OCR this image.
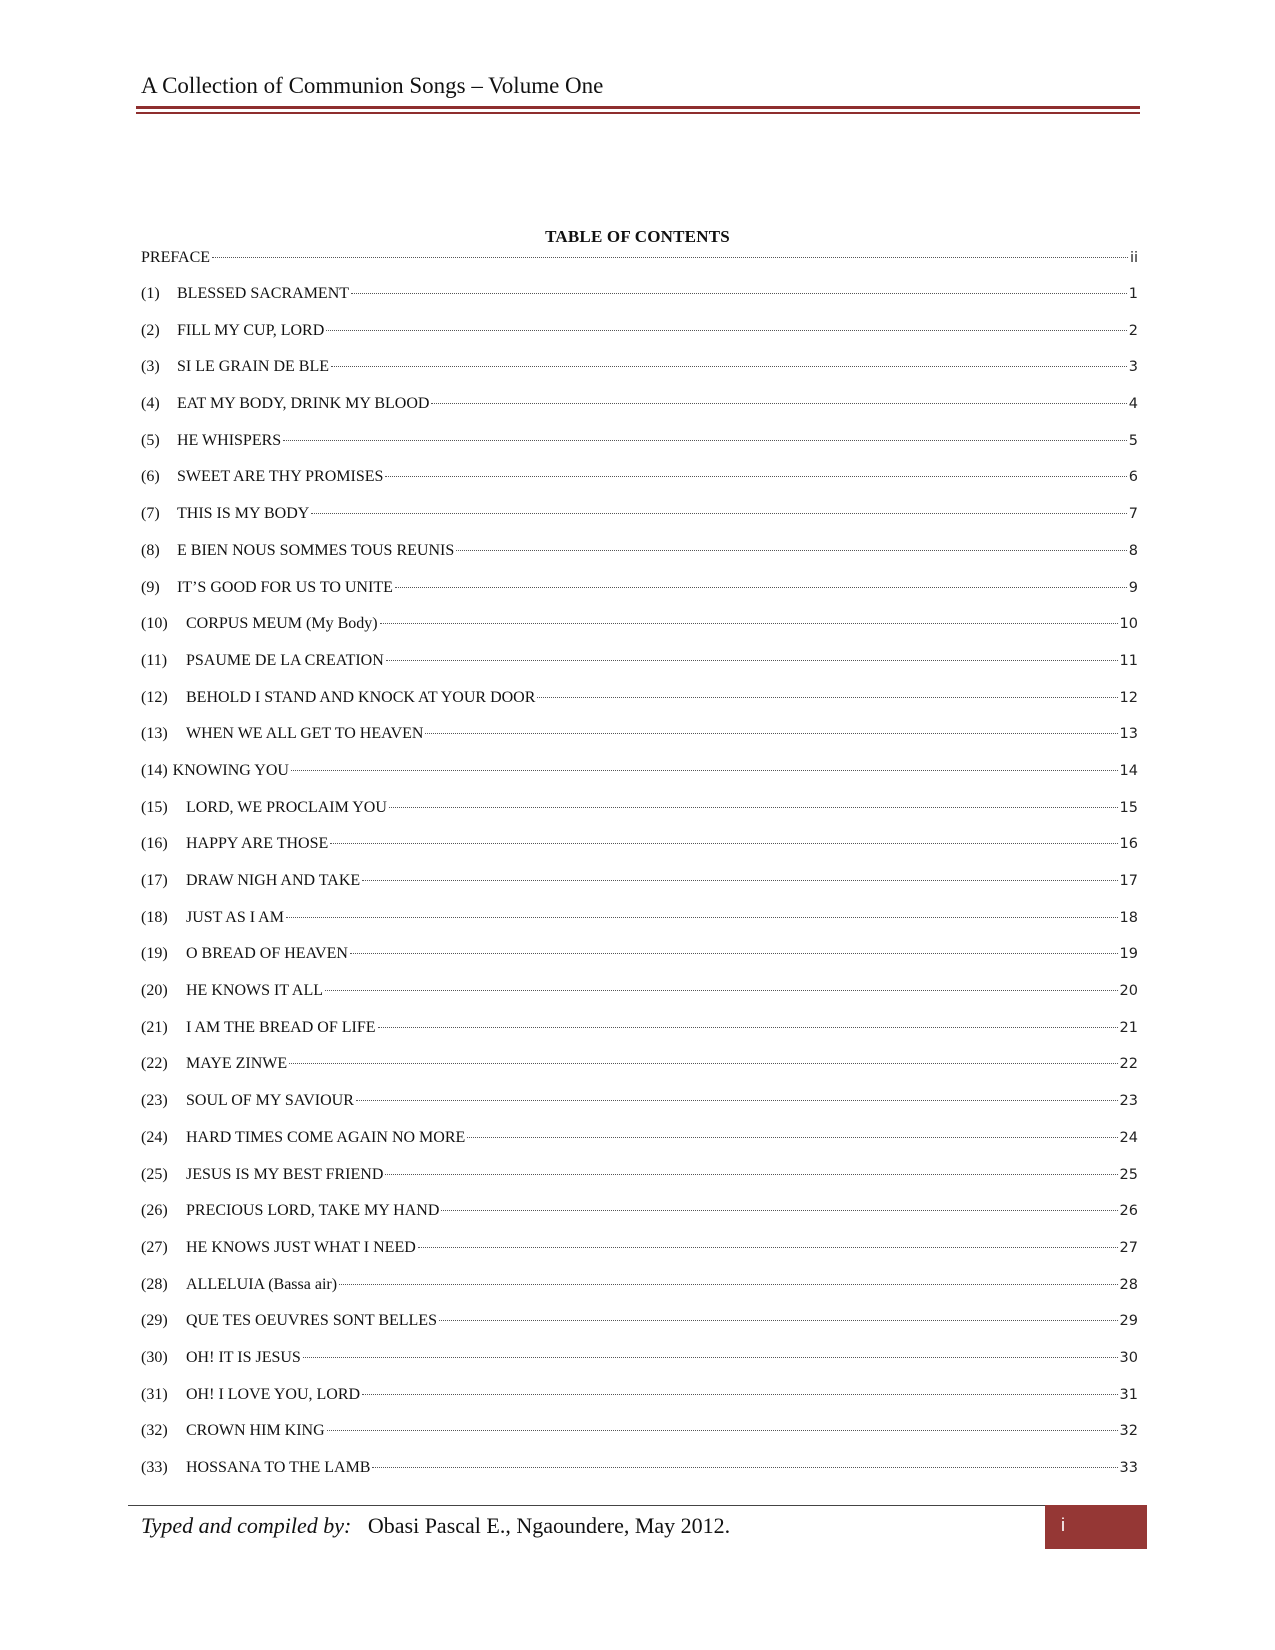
A Collection of Communion Songs – Volume One
TABLE OF CONTENTS
PREFACE	ii
(1)	BLESSED SACRAMENT	1
(2)	FILL MY CUP, LORD	2
(3)	SI LE GRAIN DE BLE	3
(4)	EAT MY BODY, DRINK MY BLOOD	4
(5)	HE WHISPERS	5
(6)	SWEET ARE THY PROMISES	6
(7)	THIS IS MY BODY	7
(8)	E BIEN NOUS SOMMES TOUS REUNIS	8
(9)	IT’S GOOD FOR US TO UNITE	9
(10)	CORPUS MEUM (My Body)	10
(11)	PSAUME DE LA CREATION	11
(12)	BEHOLD I STAND AND KNOCK AT YOUR DOOR	12
(13)	WHEN WE ALL GET TO HEAVEN	13
(14) KNOWING YOU	14
(15)	LORD, WE PROCLAIM YOU	15
(16)	HAPPY ARE THOSE	16
(17)	DRAW NIGH AND TAKE	17
(18)	JUST AS I AM	18
(19)	O BREAD OF HEAVEN	19
(20)	HE KNOWS IT ALL	20
(21)	I AM THE BREAD OF LIFE	21
(22)	MAYE ZINWE	22
(23)	SOUL OF MY SAVIOUR	23
(24)	HARD TIMES COME AGAIN NO MORE	24
(25)	JESUS IS MY BEST FRIEND	25
(26)	PRECIOUS LORD, TAKE MY HAND	26
(27)	HE KNOWS JUST WHAT I NEED	27
(28)	ALLELUIA (Bassa air)	28
(29)	QUE TES OEUVRES SONT BELLES	29
(30)	OH! IT IS JESUS	30
(31)	OH! I LOVE YOU, LORD	31
(32)	CROWN HIM KING	32
(33)	HOSSANA TO THE LAMB	33
Typed and compiled by: Obasi Pascal E., Ngaoundere, May 2012.	i
